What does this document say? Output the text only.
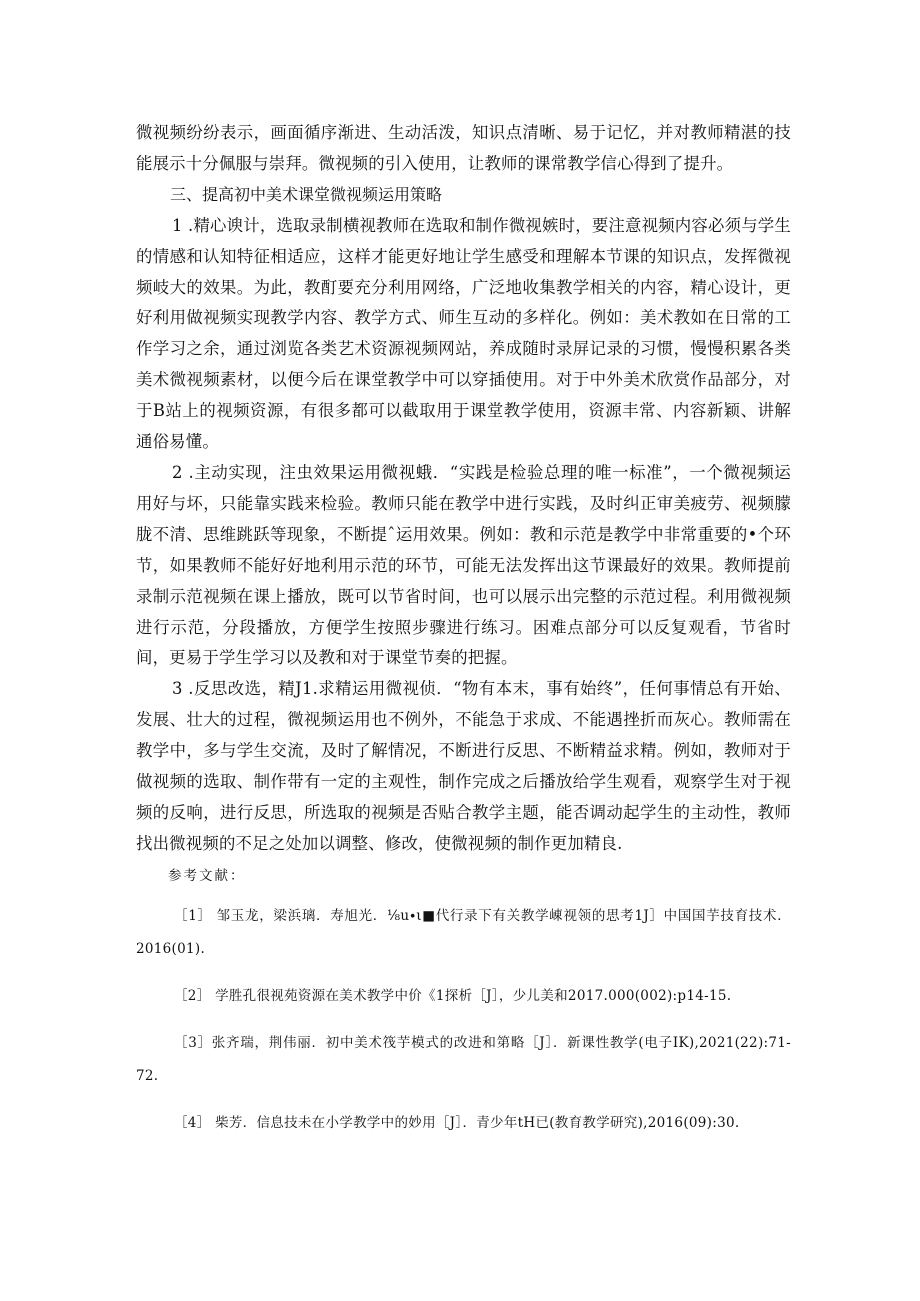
微视频纷纷表示，画面循序渐进、生动活泼，知识点清晰、易于记忆，并对教师精湛的技能展示十分佩服与崇拜。微视频的引入使用，让教师的课常教学信心得到了提升。

三、提高初中美术课堂微视频运用策略

1 .精心谀计，选取录制横视教师在选取和制作微视嫉时，要注意视频内容必须与学生的情感和认知特征相适应，这样才能更好地让学生感受和理解本节课的知识点，发挥微视频岐大的效果。为此，教酊要充分利用网络，广泛地收集教学相关的内容，精心设计，更好利用做视频实现教学内容、教学方式、师生互动的多样化。例如：美术教如在日常的工作学习之余，通过浏览各类艺术资源视频网站，养成随时录屏记录的习惯，慢慢积累各类美术微视频素材，以便今后在课堂教学中可以穿插使用。对于中外美术欣赏作品部分，对于B站上的视频资源，有很多都可以截取用于课堂教学使用，资源丰常、内容新颖、讲解通俗易懂。

2 .主动实现，注虫效果运用微视蛾．“实践是检验总理的唯一标准”，一个微视频运用好与坏，只能靠实践来检验。教师只能在教学中进行实践，及时纠正审美疲劳、视频朦胧不清、思维跳跃等现象，不断提ˆ运用效果。例如：教和示范是教学中非常重要的•个环节，如果教师不能好好地利用示范的环节，可能无法发挥出这节课最好的效果。教师提前录制示范视频在课上播放，既可以节省时间，也可以展示出完整的示范过程。利用微视频进行示范，分段播放，方便学生按照步骤进行练习。困难点部分可以反复观看，节省时间，更易于学生学习以及教和对于课堂节奏的把握。

3 .反思改选，精J1.求精运用微视侦．“物有本末，事有始终”，任何事情总有开始、发展、壮大的过程，微视频运用也不例外，不能急于求成、不能遇挫折而灰心。教师需在教学中，多与学生交流，及时了解情况，不断进行反思、不断精益求精。例如，教师对于做视频的选取、制作带有一定的主观性，制作完成之后播放给学生观看，观察学生对于视频的反响，进行反思，所选取的视频是否贴合教学主题，能否调动起学生的主动性，教师找出微视频的不足之处加以调整、修改，使微视频的制作更加精良.

参考文献：

［1］ 邹玉龙，梁浜璃．寿旭光．⅛u∙ι■代行录下有关教学崠视领的思考1J］中国国芋技育技术．2016(01).

［2］ 学胜孔很视苑资源在美术教学中价《1探析［J］，少儿美和2017.000(002):p14-15.

［3］张齐瑞，荆伟丽．初中美术筏芋模式的改进和第略［J］．新课性教学(电子IK),2021(22):71-72.

［4］ 柴芳．信息技未在小学教学中的妙用［J］．青少年tH已(教育教学研究),2016(09):30.
